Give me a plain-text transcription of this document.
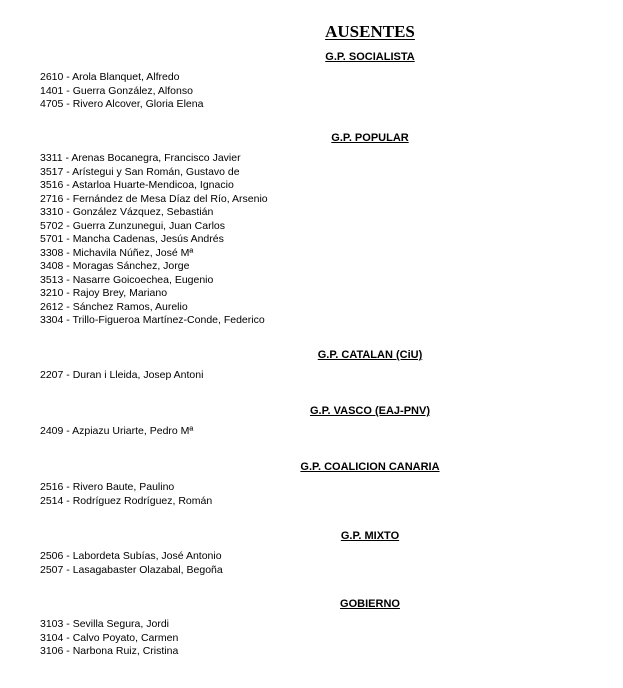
AUSENTES
G.P. SOCIALISTA
2610 - Arola Blanquet, Alfredo
1401 - Guerra González, Alfonso
4705 - Rivero Alcover, Gloria Elena
G.P. POPULAR
3311 - Arenas Bocanegra, Francisco Javier
3517 - Arístegui y San Román, Gustavo de
3516 - Astarloa Huarte-Mendicoa, Ignacio
2716 - Fernández de Mesa Díaz del Río, Arsenio
3310 - González Vázquez, Sebastián
5702 - Guerra Zunzunegui, Juan Carlos
5701 - Mancha Cadenas, Jesús Andrés
3308 - Michavila Núñez, José Mª
3408 - Moragas Sánchez, Jorge
3513 - Nasarre Goicoechea, Eugenio
3210 - Rajoy Brey, Mariano
2612 - Sánchez Ramos, Aurelio
3304 - Trillo-Figueroa Martínez-Conde, Federico
G.P. CATALAN (CiU)
2207 - Duran i Lleida, Josep Antoni
G.P. VASCO (EAJ-PNV)
2409 - Azpiazu Uriarte, Pedro Mª
G.P. COALICION CANARIA
2516 - Rivero Baute, Paulino
2514 - Rodríguez Rodríguez, Román
G.P. MIXTO
2506 - Labordeta Subías, José Antonio
2507 - Lasagabaster Olazabal, Begoña
GOBIERNO
3103 - Sevilla Segura, Jordi
3104 - Calvo Poyato, Carmen
3106 - Narbona Ruiz, Cristina
